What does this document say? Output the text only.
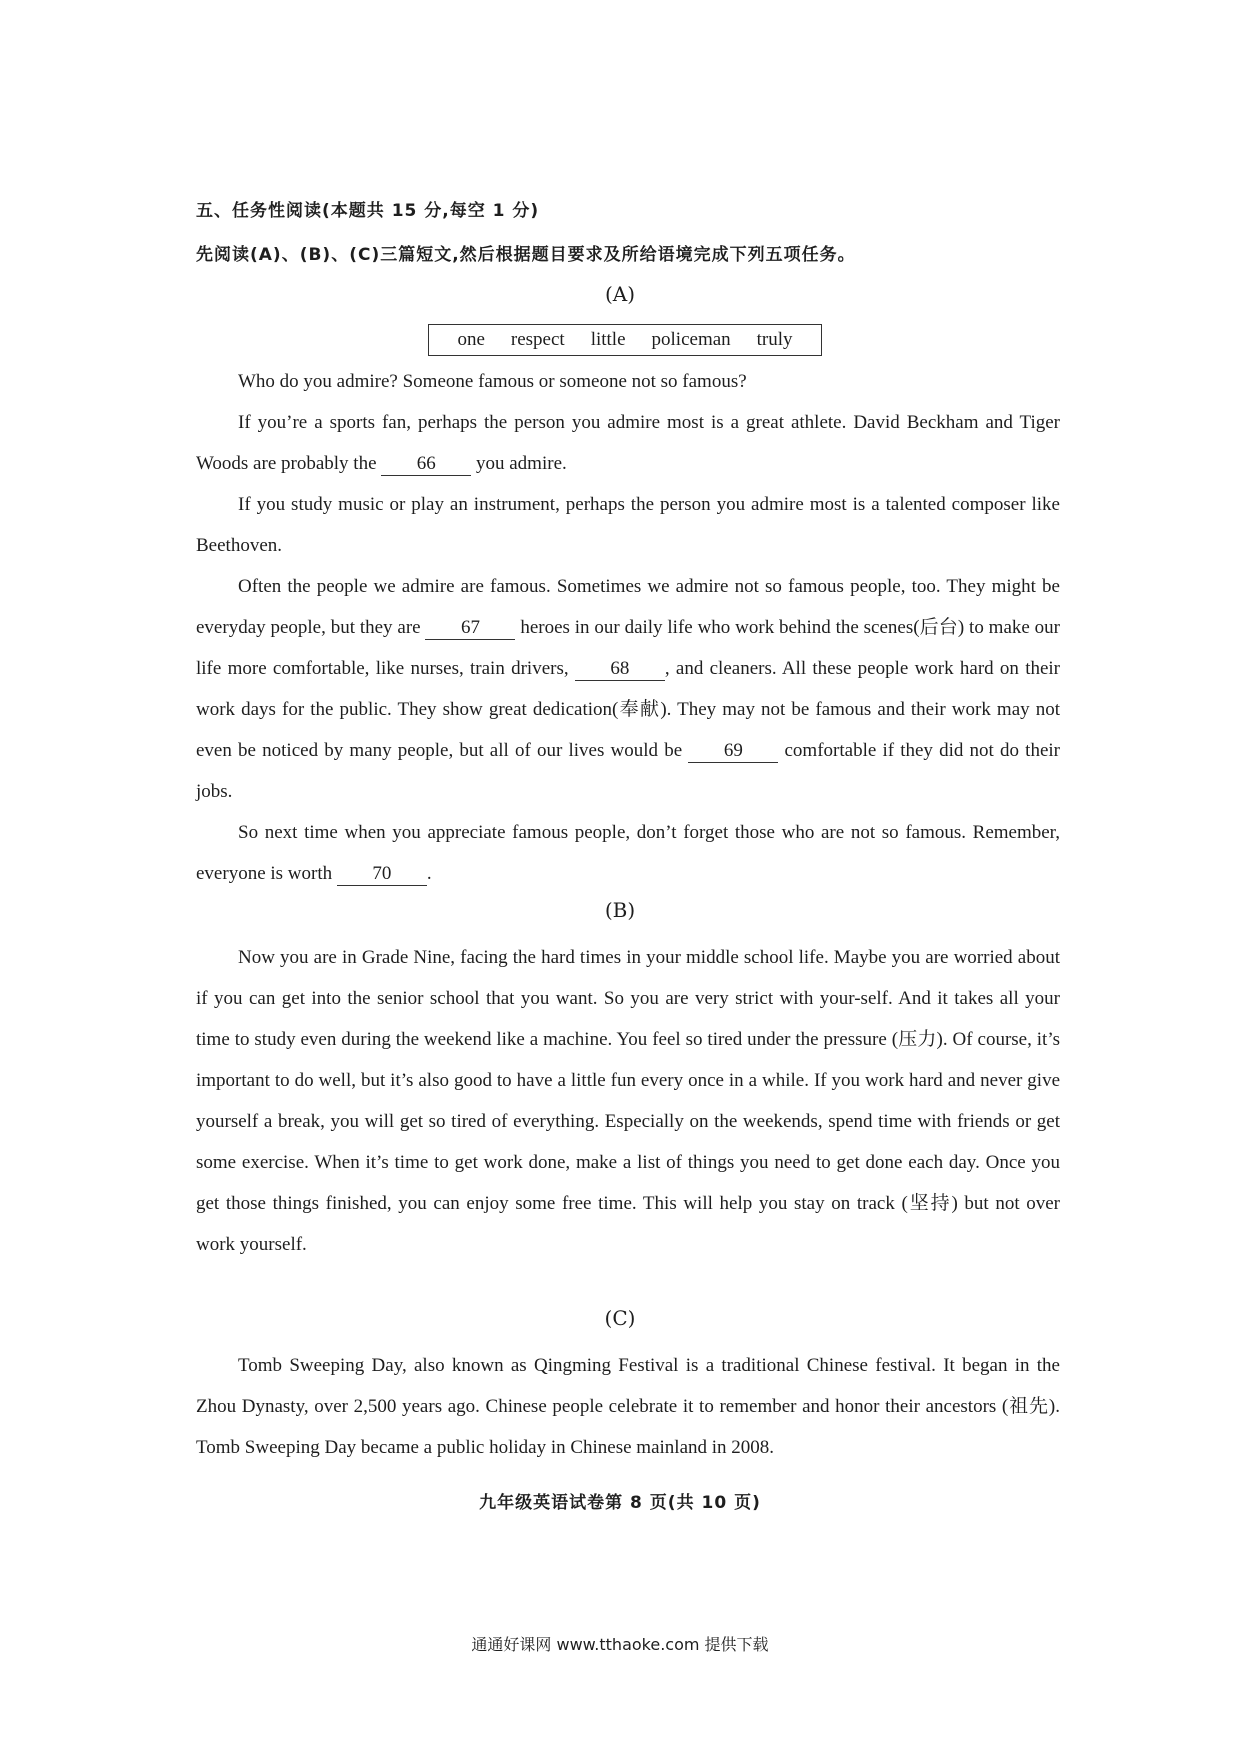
五、任务性阅读(本题共 15 分,每空 1 分)
先阅读(A)、(B)、(C)三篇短文,然后根据题目要求及所给语境完成下列五项任务。
(A)
one respect little policeman truly

Who do you admire? Someone famous or someone not so famous?

If you’re a sports fan, perhaps the person you admire most is a great athlete. David Beckham and Tiger Woods are probably the 66 you admire.

If you study music or play an instrument, perhaps the person you admire most is a talented composer like Beethoven.

Often the people we admire are famous. Sometimes we admire not so famous people, too. They might be everyday people, but they are 67 heroes in our daily life who work behind the scenes(后台) to make our life more comfortable, like nurses, train drivers, 68 , and cleaners. All these people work hard on their work days for the public. They show great dedication(奉献). They may not be famous and their work may not even be noticed by many people, but all of our lives would be 69 comfortable if they did not do their jobs.

So next time when you appreciate famous people, don’t forget those who are not so famous. Remember, everyone is worth 70 .

(B)

Now you are in Grade Nine, facing the hard times in your middle school life. Maybe you are worried about if you can get into the senior school that you want. So you are very strict with your-self. And it takes all your time to study even during the weekend like a machine. You feel so tired under the pressure (压力). Of course, it’s important to do well, but it’s also good to have a little fun every once in a while. If you work hard and never give yourself a break, you will get so tired of everything. Especially on the weekends, spend time with friends or get some exercise. When it’s time to get work done, make a list of things you need to get done each day. Once you get those things finished, you can enjoy some free time. This will help you stay on track (坚持) but not over work yourself.

(C)

Tomb Sweeping Day, also known as Qingming Festival is a traditional Chinese festival. It began in the Zhou Dynasty, over 2,500 years ago. Chinese people celebrate it to remember and honor their ancestors (祖先). Tomb Sweeping Day became a public holiday in Chinese mainland in 2008.

九年级英语试卷第 8 页(共 10 页)
通通好课网 www.tthaoke.com 提供下载
